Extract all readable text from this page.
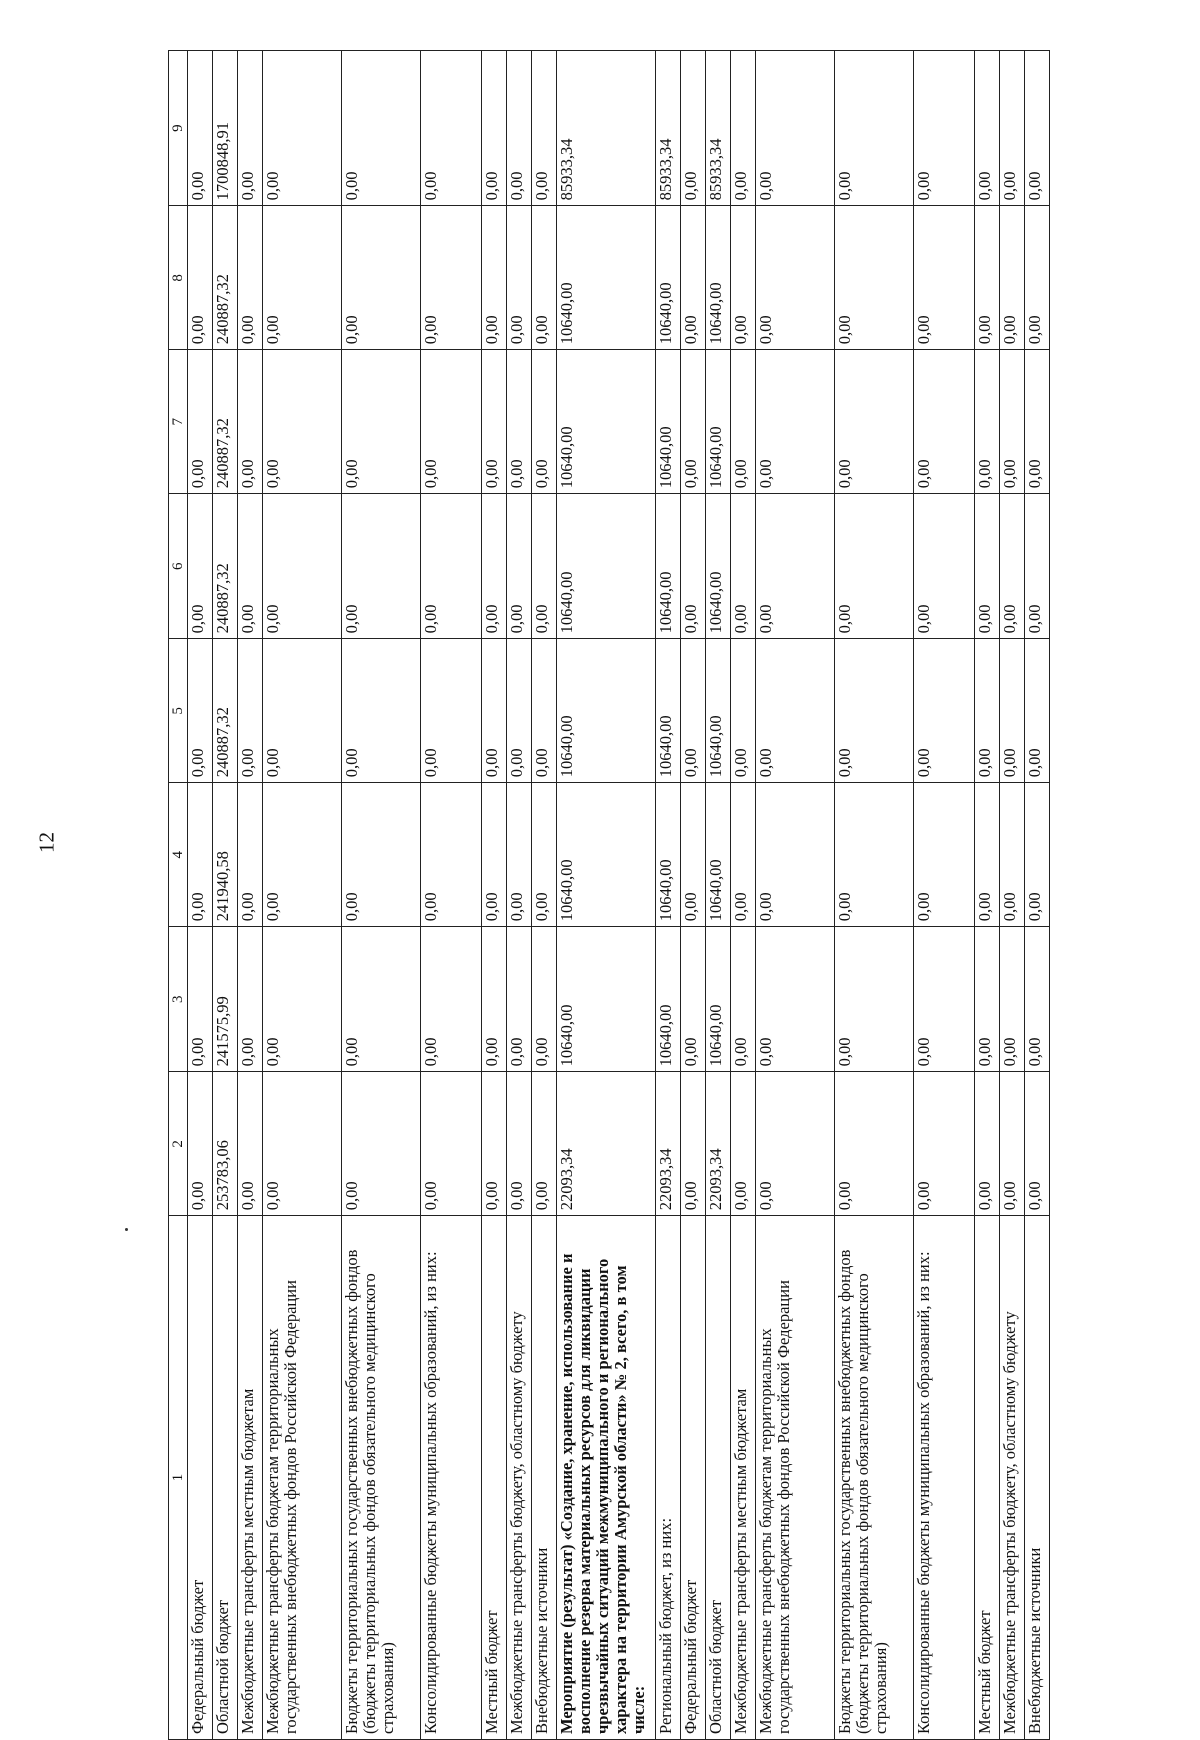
12
1	2	3	4	5	6	7	8	9
Федеральный бюджет	0,00	0,00	0,00	0,00	0,00	0,00	0,00	0,00
Областной бюджет	253783,06	241575,99	241940,58	240887,32	240887,32	240887,32	240887,32	1700848,91
Межбюджетные трансферты местным бюджетам	0,00	0,00	0,00	0,00	0,00	0,00	0,00	0,00
Межбюджетные трансферты бюджетам территориальных государственных внебюджетных фондов Российской Федерации	0,00	0,00	0,00	0,00	0,00	0,00	0,00	0,00
Бюджеты территориальных государственных внебюджетных фондов (бюджеты территориальных фондов обязательного медицинского страхования)	0,00	0,00	0,00	0,00	0,00	0,00	0,00	0,00
Консолидированные бюджеты муниципальных образований, из них:	0,00	0,00	0,00	0,00	0,00	0,00	0,00	0,00
Местный бюджет	0,00	0,00	0,00	0,00	0,00	0,00	0,00	0,00
Межбюджетные трансферты бюджету, областному бюджету	0,00	0,00	0,00	0,00	0,00	0,00	0,00	0,00
Внебюджетные источники	0,00	0,00	0,00	0,00	0,00	0,00	0,00	0,00
Мероприятие (результат) «Создание, хранение, использование и восполнение резерва материальных ресурсов для ликвидации чрезвычайных ситуаций межмуниципального и регионального характера на территории Амурской области» № 2, всего, в том числе:	22093,34	10640,00	10640,00	10640,00	10640,00	10640,00	10640,00	85933,34
Региональный бюджет, из них:	22093,34	10640,00	10640,00	10640,00	10640,00	10640,00	10640,00	85933,34
Федеральный бюджет	0,00	0,00	0,00	0,00	0,00	0,00	0,00	0,00
Областной бюджет	22093,34	10640,00	10640,00	10640,00	10640,00	10640,00	10640,00	85933,34
Межбюджетные трансферты местным бюджетам	0,00	0,00	0,00	0,00	0,00	0,00	0,00	0,00
Межбюджетные трансферты бюджетам территориальных государственных внебюджетных фондов Российской Федерации	0,00	0,00	0,00	0,00	0,00	0,00	0,00	0,00
Бюджеты территориальных государственных внебюджетных фондов (бюджеты территориальных фондов обязательного медицинского страхования)	0,00	0,00	0,00	0,00	0,00	0,00	0,00	0,00
Консолидированные бюджеты муниципальных образований, из них:	0,00	0,00	0,00	0,00	0,00	0,00	0,00	0,00
Местный бюджет	0,00	0,00	0,00	0,00	0,00	0,00	0,00	0,00
Межбюджетные трансферты бюджету, областному бюджету	0,00	0,00	0,00	0,00	0,00	0,00	0,00	0,00
Внебюджетные источники	0,00	0,00	0,00	0,00	0,00	0,00	0,00	0,00
